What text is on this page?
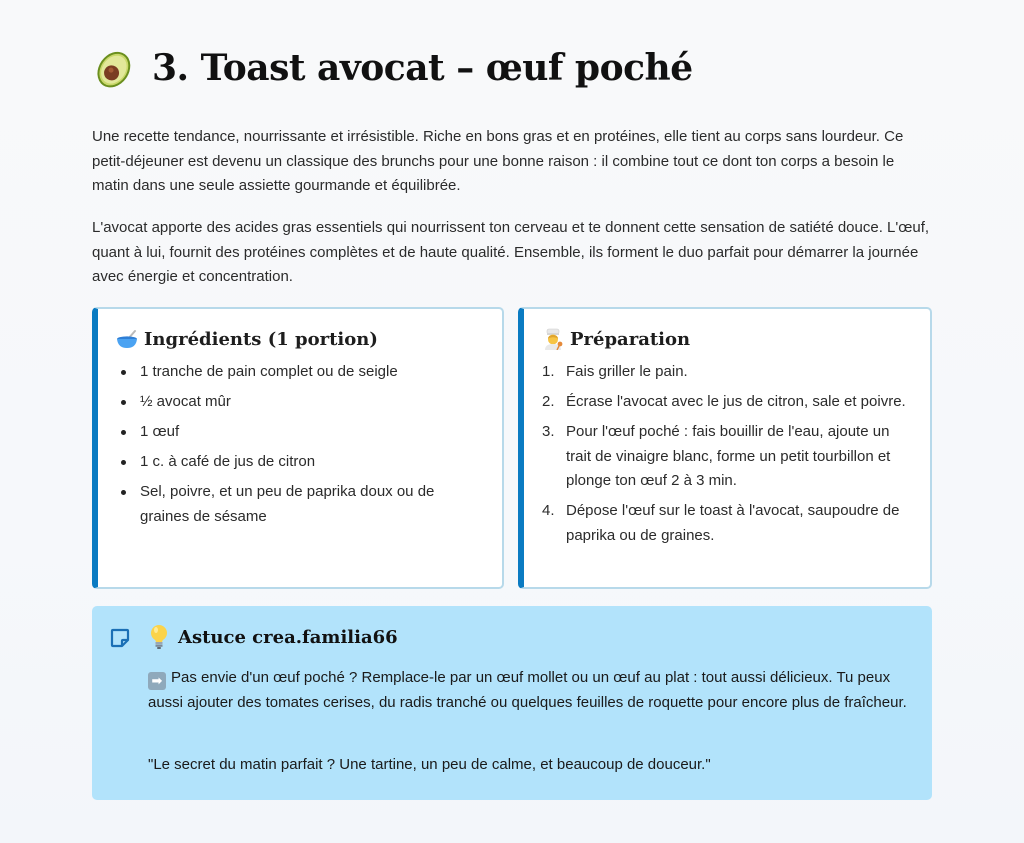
3. Toast avocat – œuf poché

Une recette tendance, nourrissante et irrésistible. Riche en bons gras et en protéines, elle tient au corps sans lourdeur. Ce petit-déjeuner est devenu un classique des brunchs pour une bonne raison : il combine tout ce dont ton corps a besoin le matin dans une seule assiette gourmande et équilibrée.

L'avocat apporte des acides gras essentiels qui nourrissent ton cerveau et te donnent cette sensation de satiété douce. L'œuf, quant à lui, fournit des protéines complètes et de haute qualité. Ensemble, ils forment le duo parfait pour démarrer la journée avec énergie et concentration.

Ingrédients (1 portion)
1 tranche de pain complet ou de seigle
½ avocat mûr
1 œuf
1 c. à café de jus de citron
Sel, poivre, et un peu de paprika doux ou de graines de sésame
Préparation
1. Fais griller le pain.
2. Écrase l'avocat avec le jus de citron, sale et poivre.
3. Pour l'œuf poché : fais bouillir de l'eau, ajoute un trait de vinaigre blanc, forme un petit tourbillon et plonge ton œuf 2 à 3 min.
4. Dépose l'œuf sur le toast à l'avocat, saupoudre de paprika ou de graines.
Astuce crea.familia66

➡ Pas envie d'un œuf poché ? Remplace-le par un œuf mollet ou un œuf au plat : tout aussi délicieux. Tu peux aussi ajouter des tomates cerises, du radis tranché ou quelques feuilles de roquette pour encore plus de fraîcheur.

"Le secret du matin parfait ? Une tartine, un peu de calme, et beaucoup de douceur."
